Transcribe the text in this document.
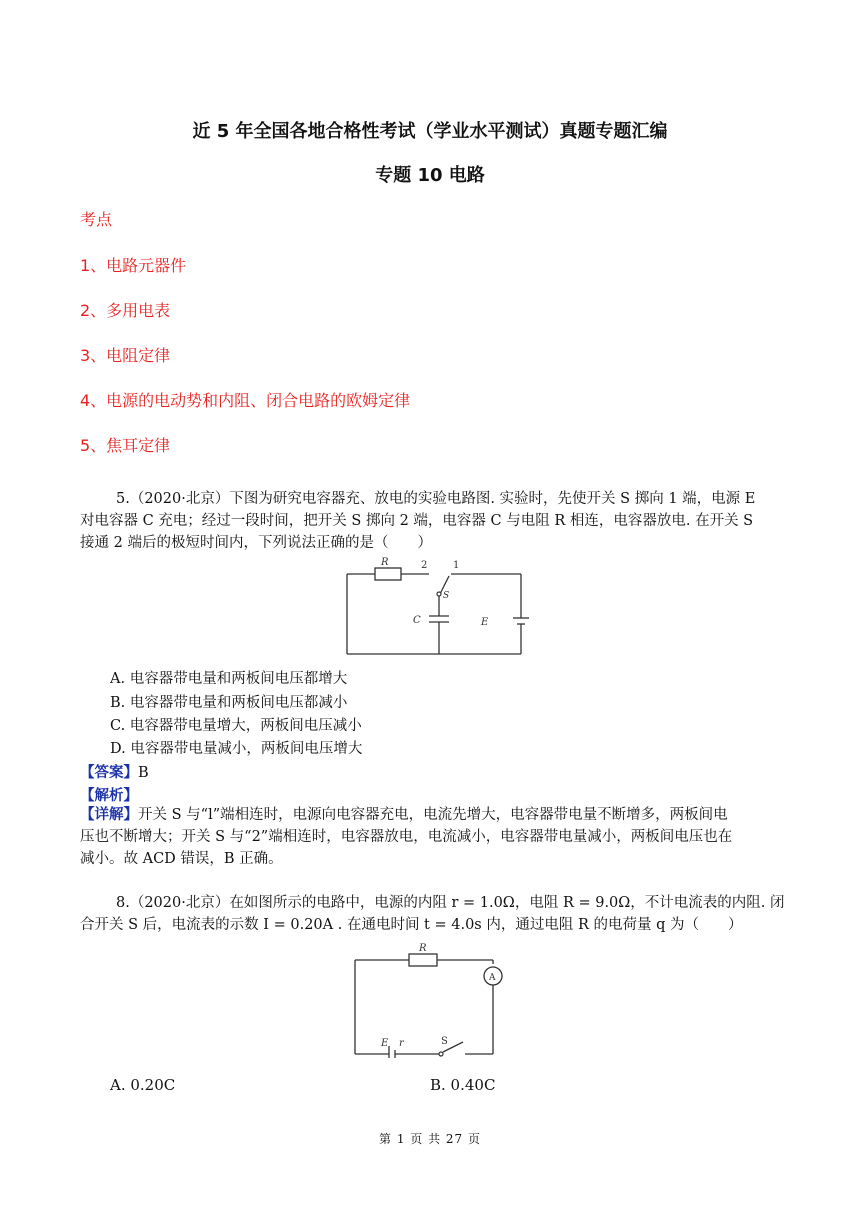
近 5 年全国各地合格性考试（学业水平测试）真题专题汇编
专题 10 电路
考点
1、电路元器件
2、多用电表
3、电阻定律
4、电源的电动势和内阻、闭合电路的欧姆定律
5、焦耳定律
5.（2020·北京）下图为研究电容器充、放电的实验电路图. 实验时，先使开关 S 掷向 1 端，电源 E
对电容器 C 充电；经过一段时间，把开关 S 掷向 2 端，电容器 C 与电阻 R 相连，电容器放电. 在开关 S
接通 2 端后的极短时间内，下列说法正确的是（　　）
R	2	1
S
C	E
A. 电容器带电量和两板间电压都增大
B. 电容器带电量和两板间电压都减小
C. 电容器带电量增大，两板间电压减小
D. 电容器带电量减小，两板间电压增大
【答案】B
【解析】
【详解】开关 S 与“l”端相连时，电源向电容器充电，电流先增大，电容器带电量不断增多，两板间电
压也不断增大；开关 S 与“2”端相连时，电容器放电，电流减小，电容器带电量减小，两板间电压也在
减小。故 ACD 错误，B 正确。
8.（2020·北京）在如图所示的电路中，电源的内阻 r = 1.0Ω，电阻 R = 9.0Ω，不计电流表的内阻. 闭
合开关 S 后，电流表的示数 I = 0.20A . 在通电时间 t = 4.0s 内，通过电阻 R 的电荷量 q 为（　　）
R
A
E r	S
A. 0.20C	B. 0.40C
第 1 页 共 27 页
